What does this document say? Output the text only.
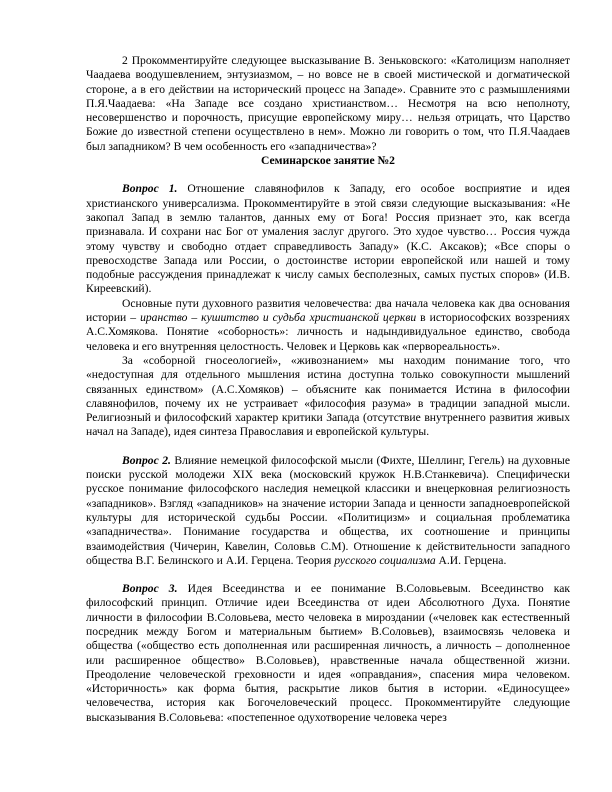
2 Прокомментируйте следующее высказывание В. Зеньковского: «Католицизм наполняет Чаадаева воодушевлением, энтузиазмом, – но вовсе не в своей мистической и догматической стороне, а в его действии на исторический процесс на Западе». Сравните это с размышлениями П.Я.Чаадаева: «На Западе все создано христианством… Несмотря на всю неполноту, несовершенство и порочность, присущие европейскому миру… нельзя отрицать, что Царство Божие до известной степени осуществлено в нем». Можно ли говорить о том, что П.Я.Чаадаев был западником? В чем особенность его «западничества»?

Семинарское занятие №2

Вопрос 1. Отношение славянофилов к Западу, его особое восприятие и идея христианского универсализма. Прокомментируйте в этой связи следующие высказывания: «Не закопал Запад в землю талантов, данных ему от Бога! Россия признает это, как всегда признавала. И сохрани нас Бог от умаления заслуг другого. Это худое чувство… Россия чужда этому чувству и свободно отдает справедливость Западу» (К.С. Аксаков); «Все споры о превосходстве Запада или России, о достоинстве истории европейской или нашей и тому подобные рассуждения принадлежат к числу самых бесполезных, самых пустых споров» (И.В. Киреевский).

Основные пути духовного развития человечества: два начала человека как два основания истории – иранство – кушитство и судьба христианской церкви в историософских воззрениях А.С.Хомякова. Понятие «соборность»: личность и надындивидуальное единство, свобода человека и его внутренняя целостность. Человек и Церковь как «первореальность».

За «соборной гносеологией», «живознанием» мы находим понимание того, что «недоступная для отдельного мышления истина доступна только совокупности мышлений связанных единством» (А.С.Хомяков) – объясните как понимается Истина в философии славянофилов, почему их не устраивает «философия разума» в традиции западной мысли. Религиозный и философский характер критики Запада (отсутствие внутреннего развития живых начал на Западе), идея синтеза Православия и европейской культуры.

Вопрос 2. Влияние немецкой философской мысли (Фихте, Шеллинг, Гегель) на духовные поиски русской молодежи XIX века (московский кружок Н.В.Станкевича). Специфически русское понимание философского наследия немецкой классики и внецерковная религиозность «западников». Взгляд «западников» на значение истории Запада и ценности западноевропейской культуры для исторической судьбы России. «Политицизм» и социальная проблематика «западничества». Понимание государства и общества, их соотношение и принципы взаимодействия (Чичерин, Кавелин, Соловьв С.М). Отношение к действительности западного общества В.Г. Белинского и А.И. Герцена. Теория русского социализма А.И. Герцена.

Вопрос 3. Идея Всеединства и ее понимание В.Соловьевым. Всеединство как философский принцип. Отличие идеи Всеединства от идеи Абсолютного Духа. Понятие личности в философии В.Соловьева, место человека в мироздании («человек как естественный посредник между Богом и материальным бытием» В.Соловьев), взаимосвязь человека и общества («общество есть дополненная или расширенная личность, а личность – дополненное или расширенное общество» В.Соловьев), нравственные начала общественной жизни. Преодоление человеческой греховности и идея «оправдания», спасения мира человеком. «Историчность» как форма бытия, раскрытие ликов бытия в истории. «Единосущее» человечества, история как Богочеловеческий процесс. Прокомментируйте следующие высказывания В.Соловьева: «постепенное одухотворение человека через
